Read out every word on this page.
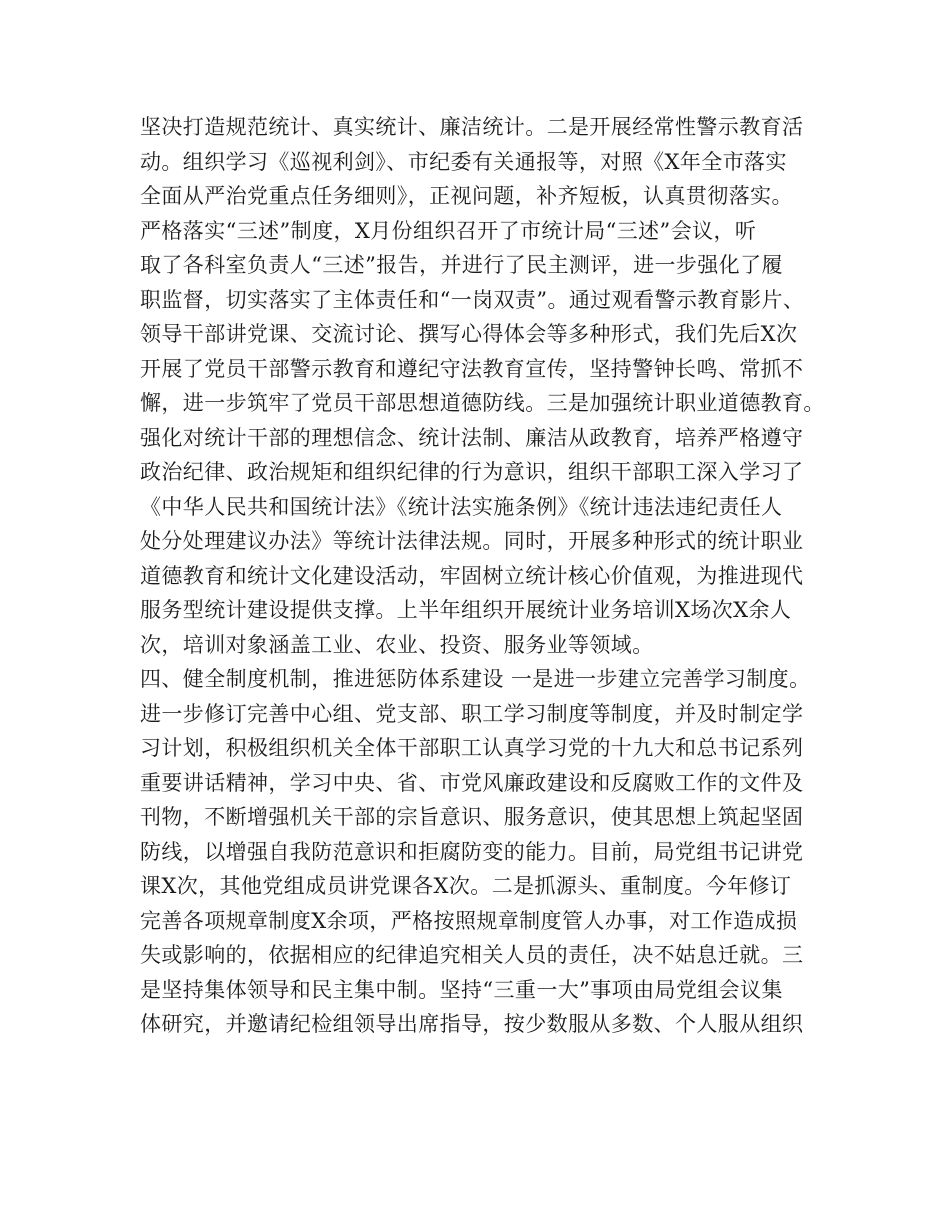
坚决打造规范统计、真实统计、廉洁统计。二是开展经常性警示教育活
动。组织学习《巡视利剑》、市纪委有关通报等，对照《X年全市落实
全面从严治党重点任务细则》，正视问题，补齐短板，认真贯彻落实。
严格落实“三述”制度，X月份组织召开了市统计局“三述”会议，听
取了各科室负责人“三述”报告，并进行了民主测评，进一步强化了履
职监督，切实落实了主体责任和“一岗双责”。通过观看警示教育影片、
领导干部讲党课、交流讨论、撰写心得体会等多种形式，我们先后X次
开展了党员干部警示教育和遵纪守法教育宣传，坚持警钟长鸣、常抓不
懈，进一步筑牢了党员干部思想道德防线。三是加强统计职业道德教育。
强化对统计干部的理想信念、统计法制、廉洁从政教育，培养严格遵守
政治纪律、政治规矩和组织纪律的行为意识，组织干部职工深入学习了
《中华人民共和国统计法》《统计法实施条例》《统计违法违纪责任人
处分处理建议办法》等统计法律法规。同时，开展多种形式的统计职业
道德教育和统计文化建设活动，牢固树立统计核心价值观，为推进现代
服务型统计建设提供支撑。上半年组织开展统计业务培训X场次X余人
次，培训对象涵盖工业、农业、投资、服务业等领域。
四、健全制度机制，推进惩防体系建设 一是进一步建立完善学习制度。
进一步修订完善中心组、党支部、职工学习制度等制度，并及时制定学
习计划，积极组织机关全体干部职工认真学习党的十九大和总书记系列
重要讲话精神，学习中央、省、市党风廉政建设和反腐败工作的文件及
刊物，不断增强机关干部的宗旨意识、服务意识，使其思想上筑起坚固
防线，以增强自我防范意识和拒腐防变的能力。目前，局党组书记讲党
课X次，其他党组成员讲党课各X次。二是抓源头、重制度。今年修订
完善各项规章制度X余项，严格按照规章制度管人办事，对工作造成损
失或影响的，依据相应的纪律追究相关人员的责任，决不姑息迁就。三
是坚持集体领导和民主集中制。坚持“三重一大”事项由局党组会议集
体研究，并邀请纪检组领导出席指导，按少数服从多数、个人服从组织
